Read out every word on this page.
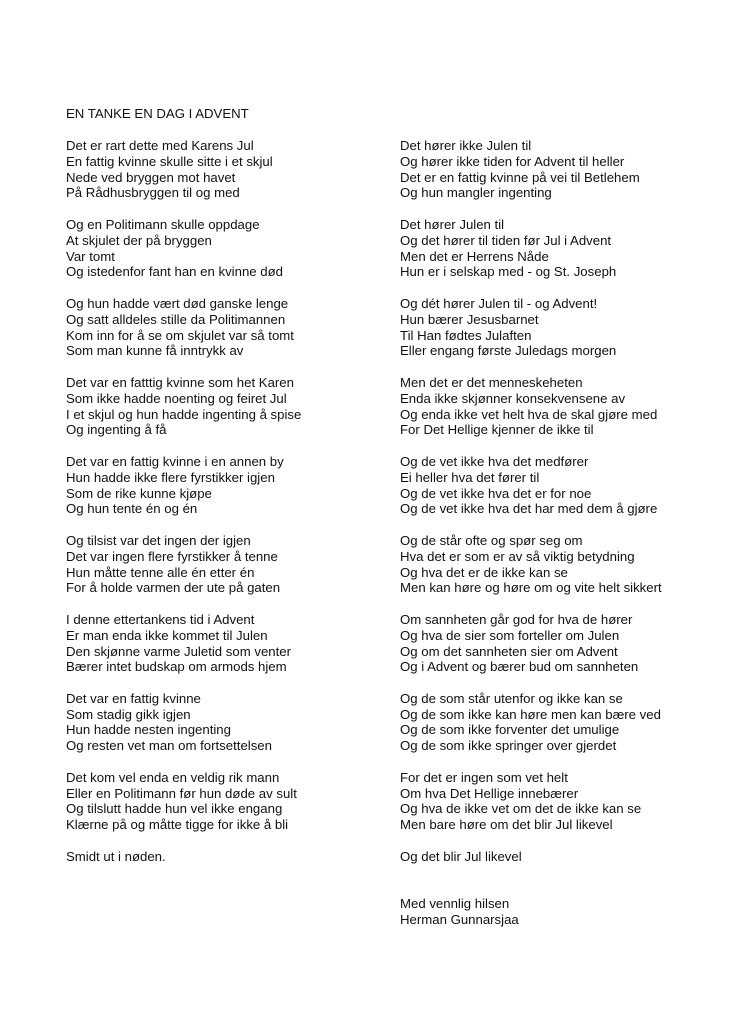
EN TANKE EN DAG I ADVENT
Det er rart dette med Karens Jul
En fattig kvinne skulle sitte i et skjul
Nede ved bryggen mot havet
På Rådhusbryggen til og med
Og en Politimann skulle oppdage
At skjulet der på bryggen
Var tomt
Og istedenfor fant han en kvinne død
Og hun hadde vært død ganske lenge
Og satt alldeles stille da Politimannen
Kom inn for å se om skjulet var så tomt
Som man kunne få inntrykk av
Det var en fatttig kvinne som het Karen
Som ikke hadde noenting og feiret Jul
I et skjul og hun hadde ingenting å spise
Og ingenting å få
Det var en fattig kvinne i en annen by
Hun hadde ikke flere fyrstikker igjen
Som de rike kunne kjøpe
Og hun tente én og én
Og tilsist var det ingen der igjen
Det var ingen flere fyrstikker å tenne
Hun måtte tenne alle én etter én
For å holde varmen der ute på gaten
I denne ettertankens tid i Advent
Er man enda ikke kommet til Julen
Den skjønne varme Juletid som venter
Bærer intet budskap om armods hjem
Det var en fattig kvinne
Som stadig gikk igjen
Hun hadde nesten ingenting
Og resten vet man om fortsettelsen
Det kom vel enda en veldig rik mann
Eller en Politimann før hun døde av sult
Og tilslutt hadde hun vel ikke engang
Klærne på og måtte tigge for ikke å bli
Smidt ut i nøden.
Det hører ikke Julen til
Og hører ikke tiden for Advent til heller
Det er en fattig kvinne på vei til Betlehem
Og hun mangler ingenting
Det hører Julen til
Og det hører til tiden før Jul i Advent
Men det er Herrens Nåde
Hun er i selskap med - og St. Joseph
Og dét hører Julen til - og Advent!
Hun bærer Jesusbarnet
Til Han fødtes Julaften
Eller engang første Juledags morgen
Men det er det menneskeheten
Enda ikke skjønner konsekvensene av
Og enda ikke vet helt hva de skal gjøre med
For Det Hellige kjenner de ikke til
Og de vet ikke hva det medfører
Ei heller hva det fører til
Og de vet ikke hva det er for noe
Og de vet ikke hva det har med dem å gjøre
Og de står ofte og spør seg om
Hva det er som er av så viktig betydning
Og hva det er de ikke kan se
Men kan høre og høre om og vite helt sikkert
Om sannheten går god for hva de hører
Og hva de sier som forteller om Julen
Og om det sannheten sier om Advent
Og i Advent og bærer bud om sannheten
Og de som står utenfor og ikke kan se
Og de som ikke kan høre men kan bære ved
Og de som ikke forventer det umulige
Og de som ikke springer over gjerdet
For det er ingen som vet helt
Om hva Det Hellige innebærer
Og hva de ikke vet om det de ikke kan se
Men bare høre om det blir Jul likevel
Og det blir Jul likevel
Med vennlig hilsen
Herman Gunnarsjaa
